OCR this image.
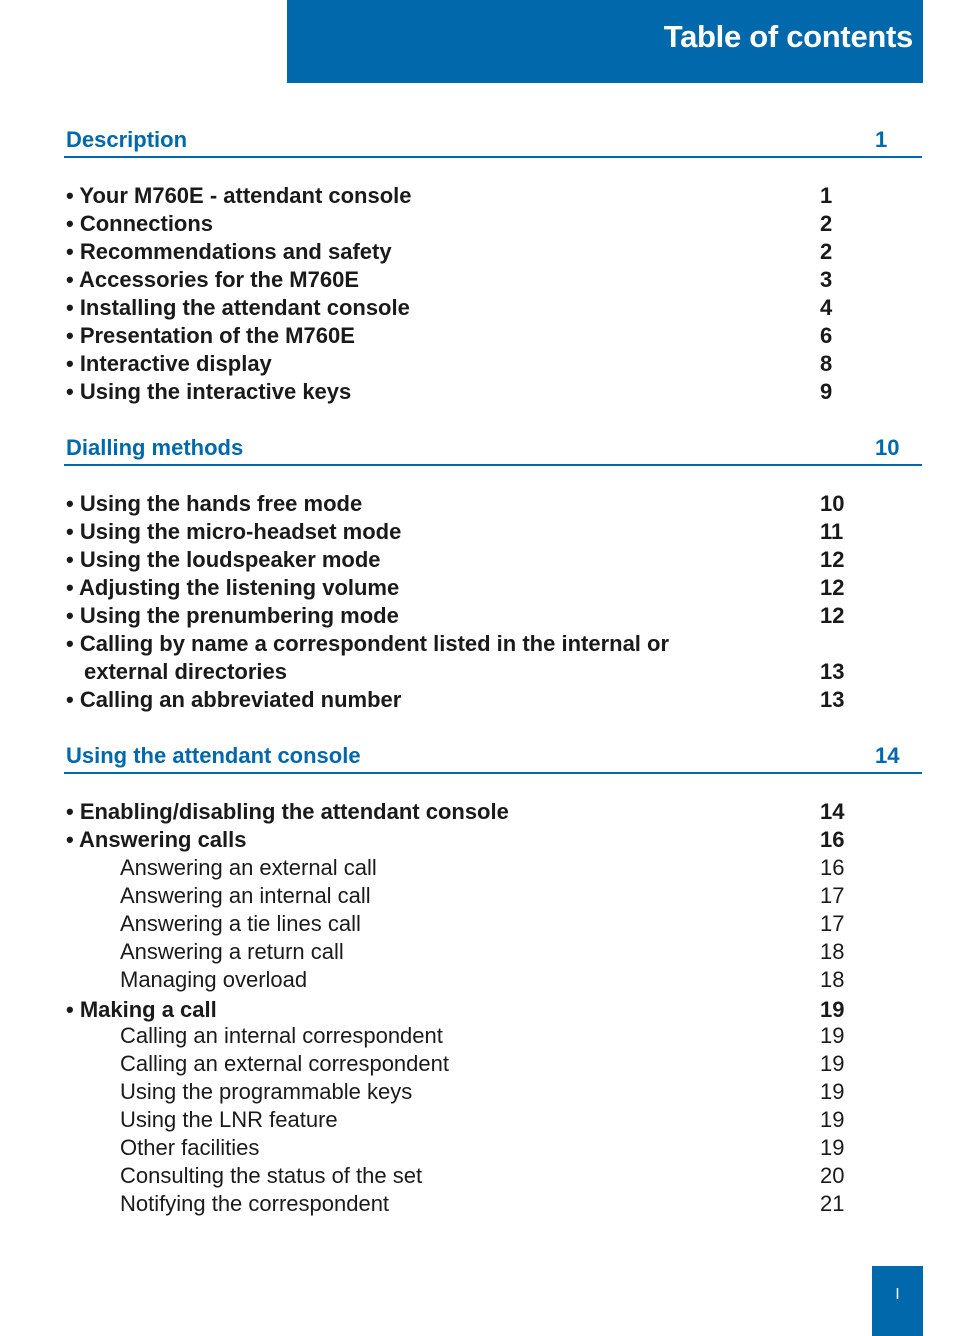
Table of contents
Description	1
• Your M760E - attendant console	1
• Connections	2
• Recommendations and safety	2
• Accessories for the M760E	3
• Installing the attendant console	4
• Presentation of the M760E	6
• Interactive display	8
• Using the interactive keys	9
Dialling methods	10
• Using the hands free mode	10
• Using the micro-headset mode	11
• Using the loudspeaker mode	12
• Adjusting the listening volume	12
• Using the prenumbering mode	12
• Calling by name a correspondent listed in the internal or
external directories	13
• Calling an abbreviated number	13
Using the attendant console	14
• Enabling/disabling the attendant console	14
• Answering calls	16
Answering an external call	16
Answering an internal call	17
Answering a tie lines call	17
Answering a return call	18
Managing overload	18
• Making a call	19
Calling an internal correspondent	19
Calling an external correspondent	19
Using the programmable keys	19
Using the LNR feature	19
Other facilities	19
Consulting the status of the set	20
Notifying the correspondent	21
I
